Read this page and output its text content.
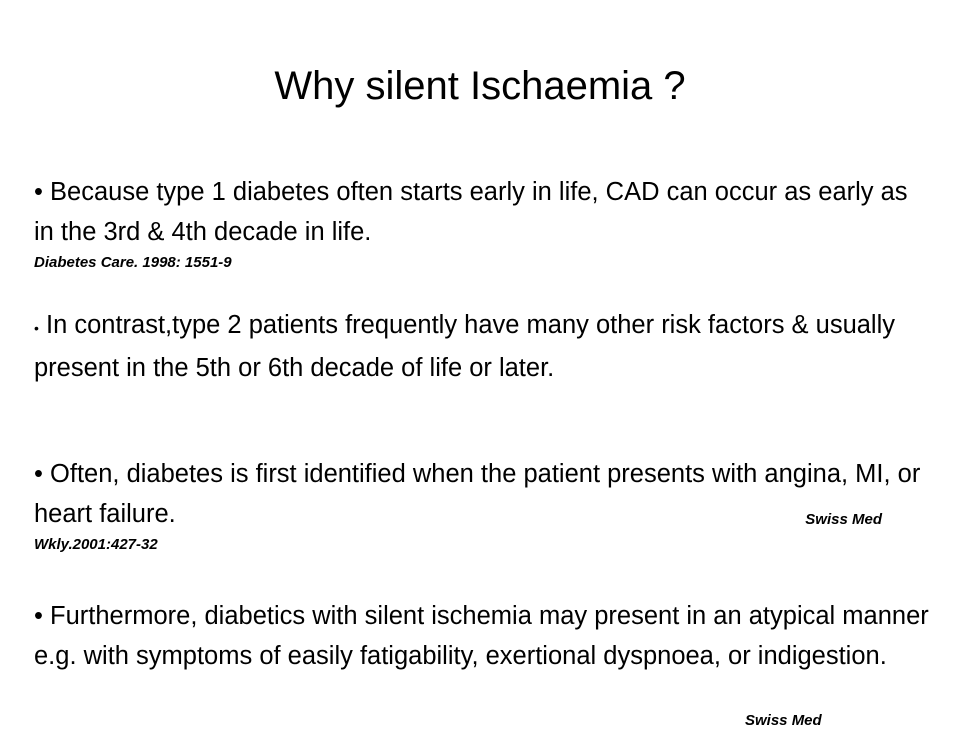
Why silent Ischaemia ?
• Because type 1 diabetes often starts early in life, CAD can occur as early as in the 3rd & 4th decade in life.
Diabetes Care. 1998: 1551-9
• In contrast,type 2 patients frequently have many other risk factors & usually present in the 5th or 6th decade of life or later.
• Often, diabetes is first identified when the patient presents with angina, MI, or heart failure.	Swiss Med
Wkly.2001:427-32
• Furthermore, diabetics with silent ischemia may present in an atypical manner e.g. with symptoms of easily fatigability, exertional dyspnoea, or indigestion.
Swiss Med
